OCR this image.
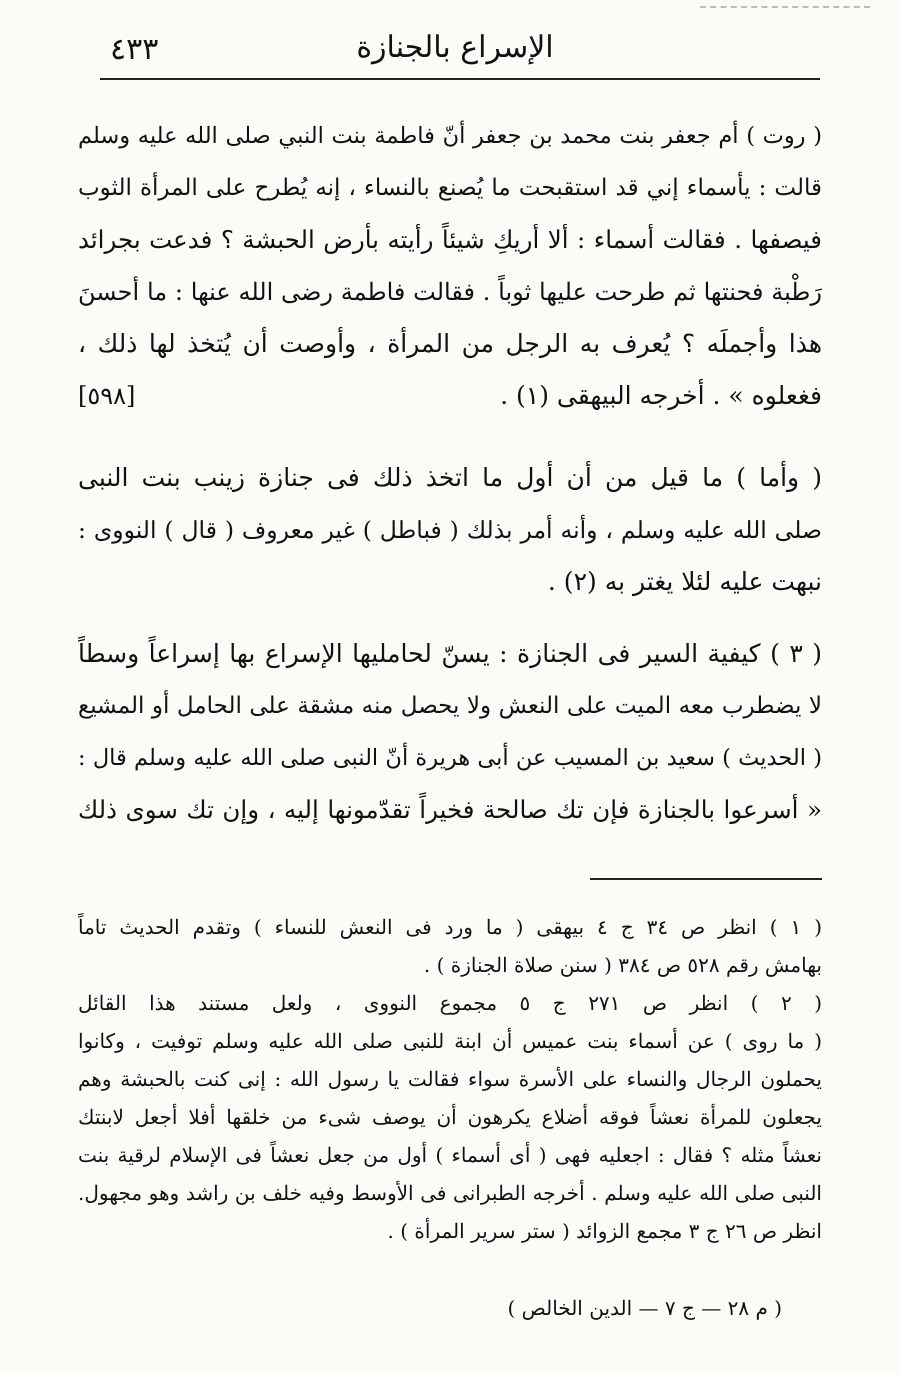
الإسراع بالجنازة
٤٣٣
( روت ) أم جعفر بنت محمد بن جعفر أنّ فاطمة بنت النبي صلى الله عليه وسلم
قالت : يأسماء إني قد استقبحت ما يُصنع بالنساء ، إنه يُطرح على المرأة الثوب
فيصفها . فقالت أسماء : ألا أريكِ شيئاً رأيته بأرض الحبشة ؟ فدعت بجرائد
رَطْبة فحنتها ثم طرحت عليها ثوباً . فقالت فاطمة رضى الله عنها : ما أحسنَ
هذا وأجملَه ؟ يُعرف به الرجل من المرأة ، وأوصت أن يُتخذ لها ذلك ،
فغعلوه » . أخرجه البيهقى (١) .
[٥٩٨]
( وأما ) ما قيل من أن أول ما اتخذ ذلك فى جنازة زينب بنت النبى
صلى الله عليه وسلم ، وأنه أمر بذلك ( فباطل ) غير معروف ( قال ) النووى :
نبهت عليه لئلا يغتر به (٢) .
( ٣ ) كيفية السير فى الجنازة : يسنّ لحامليها الإسراع بها إسراعاً وسطاً
لا يضطرب معه الميت على النعش ولا يحصل منه مشقة على الحامل أو المشيع
( الحديث ) سعيد بن المسيب عن أبى هريرة أنّ النبى صلى الله عليه وسلم قال :
« أسرعوا بالجنازة فإن تك صالحة فخيراً تقدّمونها إليه ، وإن تك سوى ذلك
( ١ ) انظر ص ٣٤ ج ٤ بيهقى ( ما ورد فى النعش للنساء ) وتقدم الحديث تاماً
بهامش رقم ٥٢٨ ص ٣٨٤ ( سنن صلاة الجنازة ) .
( ٢ ) انظر ص ٢٧١ ج ٥ مجموع النووى ، ولعل مستند هذا القائل
( ما روى ) عن أسماء بنت عميس أن ابنة للنبى صلى الله عليه وسلم توفيت ، وكانوا
يحملون الرجال والنساء على الأسرة سواء فقالت يا رسول الله : إنى كنت بالحبشة وهم
يجعلون للمرأة نعشاً فوقه أضلاع يكرهون أن يوصف شىء من خلقها أفلا أجعل لابنتك
نعشاً مثله ؟ فقال : اجعليه فهى ( أى أسماء ) أول من جعل نعشاً فى الإسلام لرقية بنت
النبى صلى الله عليه وسلم . أخرجه الطبرانى فى الأوسط وفيه خلف بن راشد وهو مجهول.
انظر ص ٢٦ ج ٣ مجمع الزوائد ( ستر سرير المرأة ) .
( م ٢٨ — ج ٧ — الدين الخالص )
